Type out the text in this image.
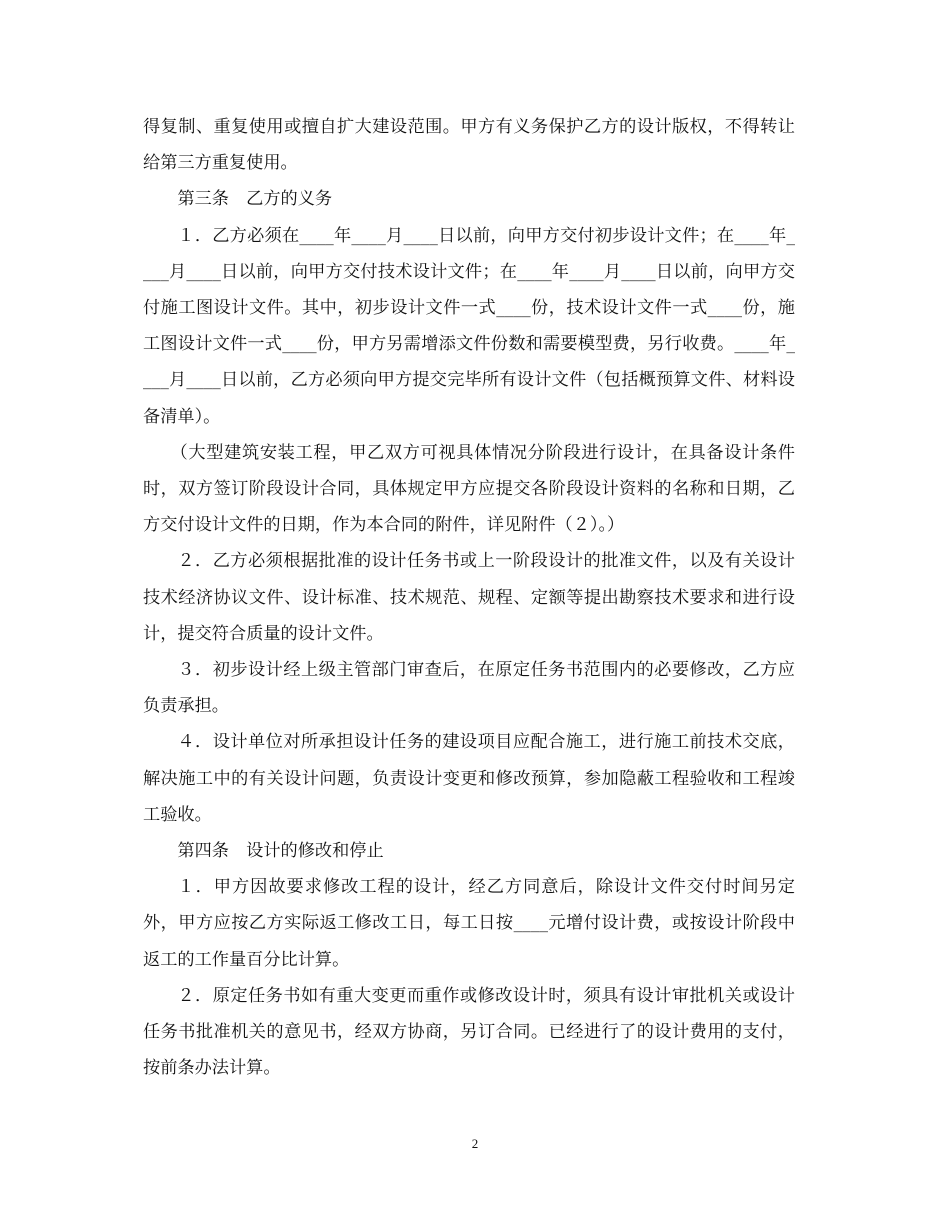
得复制、重复使用或擅自扩大建设范围。甲方有义务保护乙方的设计版权，不得转让给第三方重复使用。

第三条　乙方的义务

１．乙方必须在____年____月____日以前，向甲方交付初步设计文件；在____年____月____日以前，向甲方交付技术设计文件；在____年____月____日以前，向甲方交付施工图设计文件。其中，初步设计文件一式____份，技术设计文件一式____份，施工图设计文件一式____份，甲方另需增添文件份数和需要模型费，另行收费。____年____月____日以前，乙方必须向甲方提交完毕所有设计文件（包括概预算文件、材料设备清单）。

（大型建筑安装工程，甲乙双方可视具体情况分阶段进行设计，在具备设计条件时，双方签订阶段设计合同，具体规定甲方应提交各阶段设计资料的名称和日期，乙方交付设计文件的日期，作为本合同的附件，详见附件（２）。）

２．乙方必须根据批准的设计任务书或上一阶段设计的批准文件，以及有关设计技术经济协议文件、设计标准、技术规范、规程、定额等提出勘察技术要求和进行设计，提交符合质量的设计文件。

３．初步设计经上级主管部门审查后，在原定任务书范围内的必要修改，乙方应负责承担。

４．设计单位对所承担设计任务的建设项目应配合施工，进行施工前技术交底，解决施工中的有关设计问题，负责设计变更和修改预算，参加隐蔽工程验收和工程竣工验收。

第四条　设计的修改和停止

１．甲方因故要求修改工程的设计，经乙方同意后，除设计文件交付时间另定外，甲方应按乙方实际返工修改工日，每工日按____元增付设计费，或按设计阶段中返工的工作量百分比计算。

２．原定任务书如有重大变更而重作或修改设计时，须具有设计审批机关或设计任务书批准机关的意见书，经双方协商，另订合同。已经进行了的设计费用的支付，按前条办法计算。

2
